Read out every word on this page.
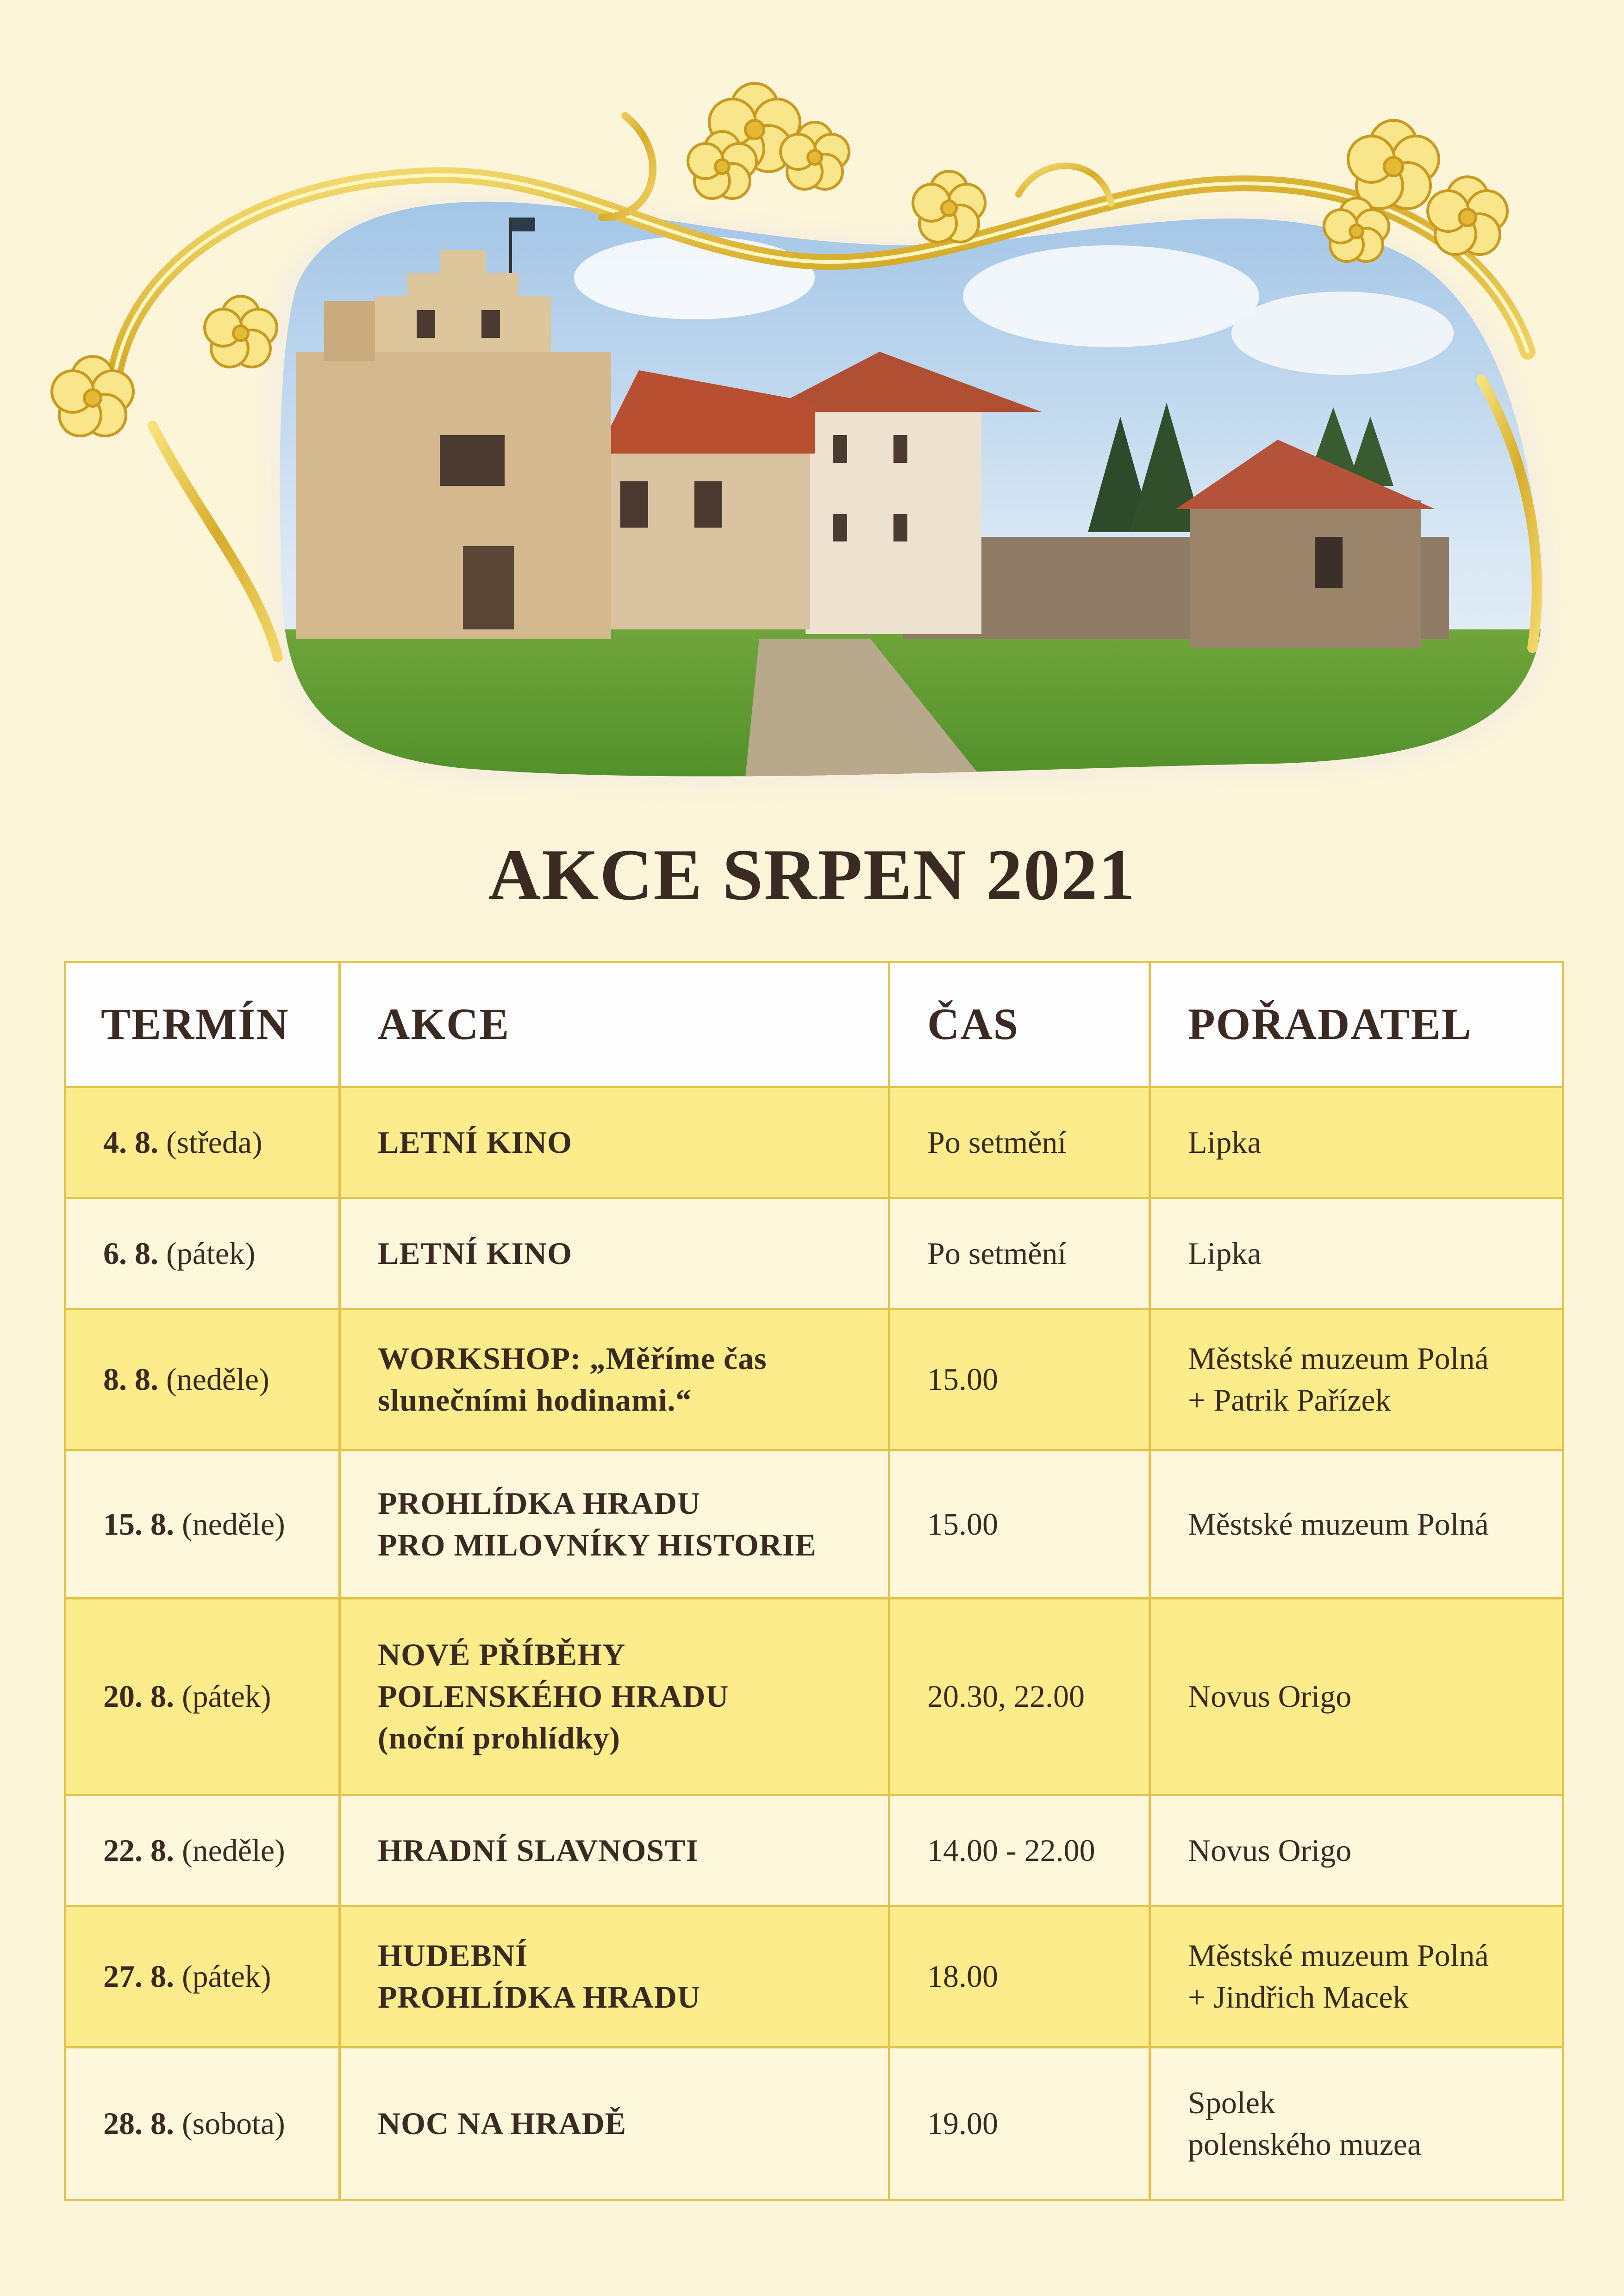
AKCE SRPEN 2021
TERMÍN	AKCE	ČAS	POŘADATEL
4. 8. (středa)	LETNÍ KINO	Po setmění	Lipka

6. 8. (pátek)	LETNÍ KINO	Po setmění	Lipka

8. 8. (neděle)	WORKSHOP: „Měříme čas
slunečními hodinami.“	15.00	Městské muzeum Polná
+ Patrik Pařízek

15. 8. (neděle)	PROHLÍDKA HRADU
PRO MILOVNÍKY HISTORIE	15.00	Městské muzeum Polná

20. 8. (pátek)	NOVÉ PŘÍBĚHY
POLENSKÉHO HRADU
(noční prohlídky)	20.30, 22.00	Novus Origo

22. 8. (neděle)	HRADNÍ SLAVNOSTI	14.00 - 22.00	Novus Origo

27. 8. (pátek)	HUDEBNÍ
PROHLÍDKA HRADU	18.00	Městské muzeum Polná
+ Jindřich Macek

28. 8. (sobota)	NOC NA HRADĚ	19.00	Spolek
polenského muzea
